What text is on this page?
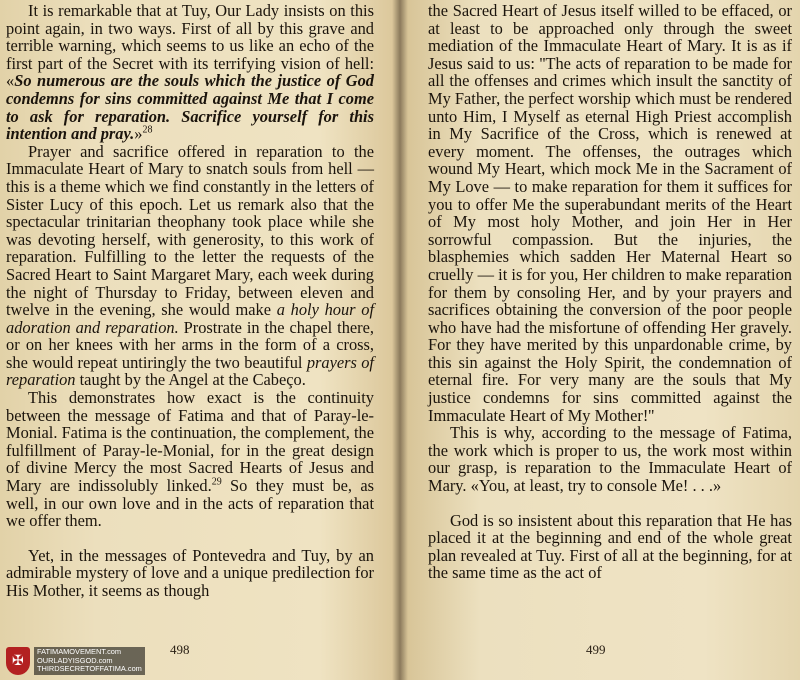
It is remarkable that at Tuy, Our Lady insists on this point again, in two ways. First of all by this grave and terrible warning, which seems to us like an echo of the first part of the Secret with its terrifying vision of hell: «So numerous are the souls which the justice of God condemns for sins committed against Me that I come to ask for reparation. Sacrifice yourself for this intention and pray.»$^{28}$

Prayer and sacrifice offered in reparation to the Immaculate Heart of Mary to snatch souls from hell — this is a theme which we find constantly in the letters of Sister Lucy of this epoch. Let us remark also that the spectacular trinitarian theophany took place while she was devoting herself, with generosity, to this work of reparation. Fulfilling to the letter the requests of the Sacred Heart to Saint Margaret Mary, each week during the night of Thursday to Friday, between eleven and twelve in the evening, she would make a holy hour of adoration and reparation. Prostrate in the chapel there, or on her knees with her arms in the form of a cross, she would repeat untiringly the two beautiful prayers of reparation taught by the Angel at the Cabeço.

This demonstrates how exact is the continuity between the message of Fatima and that of Paray-le-Monial. Fatima is the continuation, the complement, the fulfillment of Paray-le-Monial, for in the great design of divine Mercy the most Sacred Hearts of Jesus and Mary are indissolubly linked.$^{29}$ So they must be, as well, in our own love and in the acts of reparation that we offer them.

Yet, in the messages of Pontevedra and Tuy, by an admirable mystery of love and a unique predilection for His Mother, it seems as though

498

the Sacred Heart of Jesus itself willed to be effaced, or at least to be approached only through the sweet mediation of the Immaculate Heart of Mary. It is as if Jesus said to us: ''The acts of reparation to be made for all the offenses and crimes which insult the sanctity of My Father, the perfect worship which must be rendered unto Him, I Myself as eternal High Priest accomplish in My Sacrifice of the Cross, which is renewed at every moment. The offenses, the outrages which wound My Heart, which mock Me in the Sacrament of My Love — to make reparation for them it suffices for you to offer Me the superabundant merits of the Heart of My most holy Mother, and join Her in Her sorrowful compassion. But the injuries, the blasphemies which sadden Her Maternal Heart so cruelly — it is for you, Her children to make reparation for them by consoling Her, and by your prayers and sacrifices obtaining the conversion of the poor people who have had the misfortune of offending Her gravely. For they have merited by this unpardonable crime, by this sin against the Holy Spirit, the condemnation of eternal fire. For very many are the souls that My justice condemns for sins committed against the Immaculate Heart of My Mother!''

This is why, according to the message of Fatima, the work which is proper to us, the work most within our grasp, is reparation to the Immaculate Heart of Mary. «You, at least, try to console Me! . . .»

God is so insistent about this reparation that He has placed it at the beginning and end of the whole great plan revealed at Tuy. First of all at the beginning, for at the same time as the act of

499
✠
FATIMAMOVEMENT.com
OURLADYISGOD.com
THIRDSECRETOFFATIMA.com
